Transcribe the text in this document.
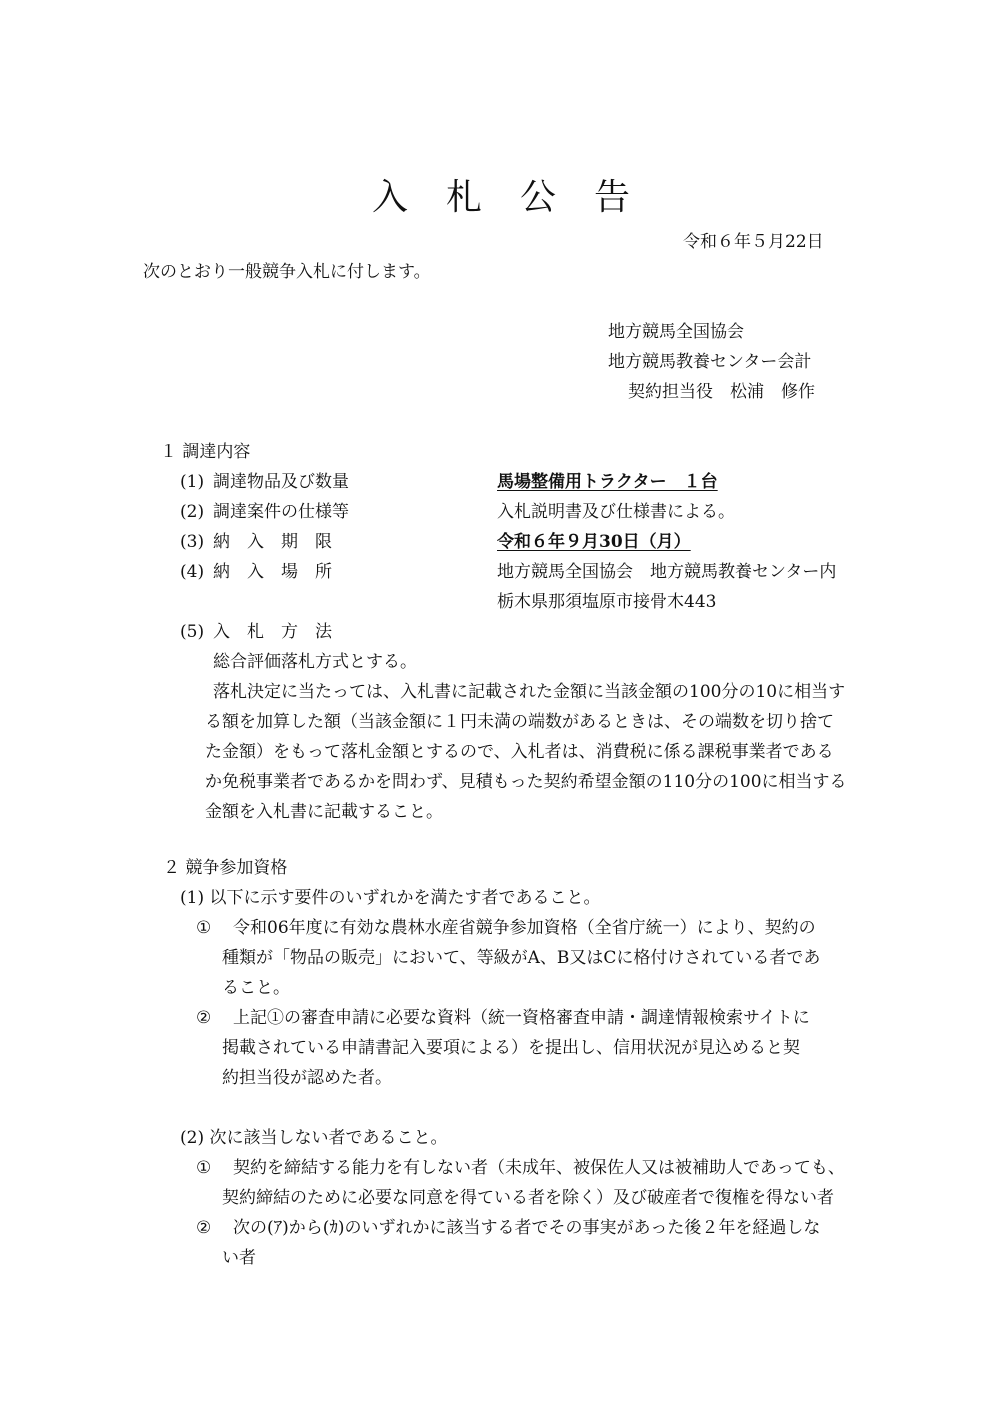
入 札 公 告
令和６年５月22日
次のとおり一般競争入札に付します。
地方競馬全国協会
地方競馬教養センター会計
契約担当役　松浦　修作
１ 調達内容
(1) 調達物品及び数量	馬場整備用トラクター　１台
(2) 調達案件の仕様等	入札説明書及び仕様書による。
(3) 納　入　期　限	令和６年９月30日（月）
(4) 納　入　場　所	地方競馬全国協会　地方競馬教養センター内
栃木県那須塩原市接骨木443
(5) 入　札　方　法
総合評価落札方式とする。
落札決定に当たっては、入札書に記載された金額に当該金額の100分の10に相当す
る額を加算した額（当該金額に１円未満の端数があるときは、その端数を切り捨て
た金額）をもって落札金額とするので、入札者は、消費税に係る課税事業者である
か免税事業者であるかを問わず、見積もった契約希望金額の110分の100に相当する
金額を入札書に記載すること。
２ 競争参加資格
(1) 以下に示す要件のいずれかを満たす者であること。
① 令和06年度に有効な農林水産省競争参加資格（全省庁統一）により、契約の
種類が「物品の販売」において、等級がA、B又はCに格付けされている者であ
ること。
② 上記①の審査申請に必要な資料（統一資格審査申請・調達情報検索サイトに
掲載されている申請書記入要項による）を提出し、信用状況が見込めると契
約担当役が認めた者。
(2) 次に該当しない者であること。
① 契約を締結する能力を有しない者（未成年、被保佐人又は被補助人であっても、
契約締結のために必要な同意を得ている者を除く）及び破産者で復権を得ない者
② 次の(ｱ)から(ｶ)のいずれかに該当する者でその事実があった後２年を経過しな
い者
